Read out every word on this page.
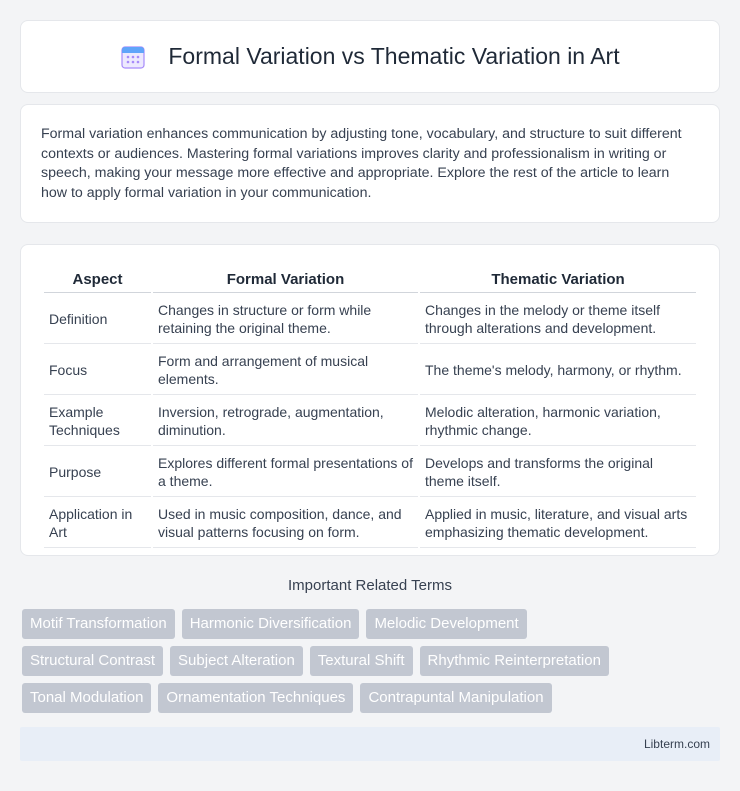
Formal Variation vs Thematic Variation in Art

Formal variation enhances communication by adjusting tone, vocabulary, and structure to suit different contexts or audiences. Mastering formal variations improves clarity and professionalism in writing or speech, making your message more effective and appropriate. Explore the rest of the article to learn how to apply formal variation in your communication.

Aspect	Formal Variation	Thematic Variation
Definition	Changes in structure or form while retaining the original theme.	Changes in the melody or theme itself through alterations and development.
Focus	Form and arrangement of musical elements.	The theme's melody, harmony, or rhythm.
Example Techniques	Inversion, retrograde, augmentation, diminution.	Melodic alteration, harmonic variation, rhythmic change.
Purpose	Explores different formal presentations of a theme.	Develops and transforms the original theme itself.
Application in Art	Used in music composition, dance, and visual patterns focusing on form.	Applied in music, literature, and visual arts emphasizing thematic development.
Important Related Terms
Motif Transformation	Harmonic Diversification	Melodic Development
Structural Contrast	Subject Alteration	Textural Shift	Rhythmic Reinterpretation
Tonal Modulation	Ornamentation Techniques	Contrapuntal Manipulation
Libterm.com
